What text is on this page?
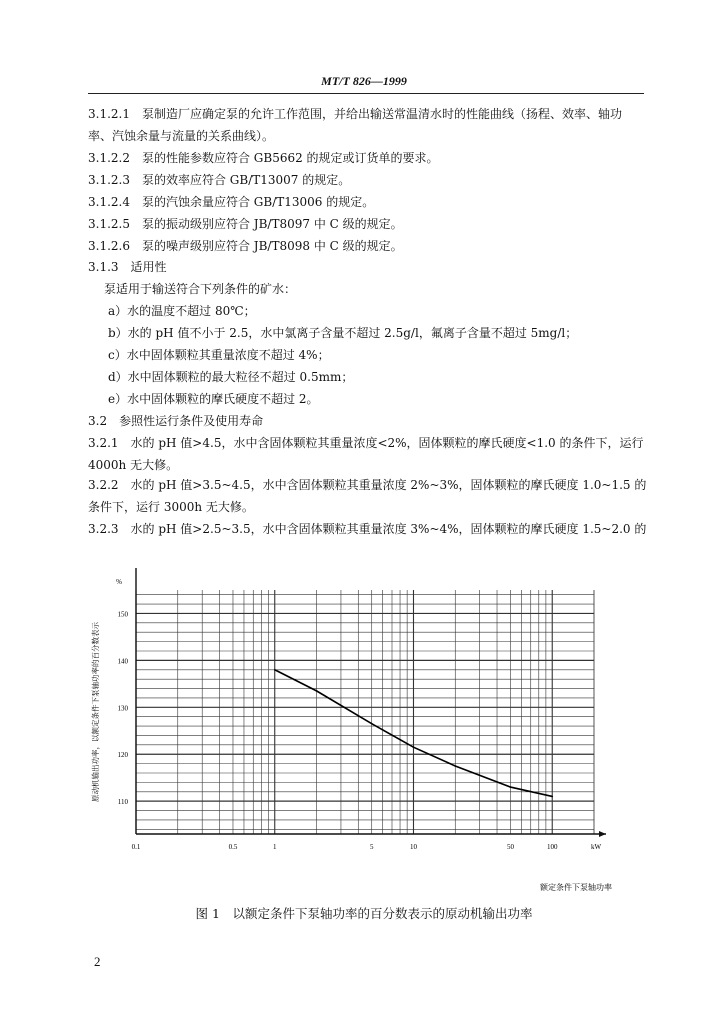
MT/T 826—1999
3.1.2.1　泵制造厂应确定泵的允许工作范围，并给出输送常温清水时的性能曲线（扬程、效率、轴功
率、汽蚀余量与流量的关系曲线）。
3.1.2.2　泵的性能参数应符合 GB5662 的规定或订货单的要求。
3.1.2.3　泵的效率应符合 GB/T13007 的规定。
3.1.2.4　泵的汽蚀余量应符合 GB/T13006 的规定。
3.1.2.5　泵的振动级别应符合 JB/T8097 中 C 级的规定。
3.1.2.6　泵的噪声级别应符合 JB/T8098 中 C 级的规定。
3.1.3　适用性
泵适用于输送符合下列条件的矿水：
a）水的温度不超过 80℃；
b）水的 pH 值不小于 2.5，水中氯离子含量不超过 2.5g/l，氟离子含量不超过 5mg/l；
c）水中固体颗粒其重量浓度不超过 4%；
d）水中固体颗粒的最大粒径不超过 0.5mm；
e）水中固体颗粒的摩氏硬度不超过 2。
3.2　参照性运行条件及使用寿命
3.2.1　水的 pH 值>4.5，水中含固体颗粒其重量浓度<2%，固体颗粒的摩氏硬度<1.0 的条件下，运行
4000h 无大修。
3.2.2　水的 pH 值>3.5~4.5，水中含固体颗粒其重量浓度 2%~3%，固体颗粒的摩氏硬度 1.0~1.5 的
条件下，运行 3000h 无大修。
3.2.3　水的 pH 值>2.5~3.5，水中含固体颗粒其重量浓度 3%~4%，固体颗粒的摩氏硬度 1.5~2.0 的
110
120
130
140
150
%
0.1	0.5	1	5	10	50	100	kW
额定条件下泵轴功率
原动机输出功率，以额定条件下泵轴功率的百分数表示
图 1　以额定条件下泵轴功率的百分数表示的原动机输出功率
2
